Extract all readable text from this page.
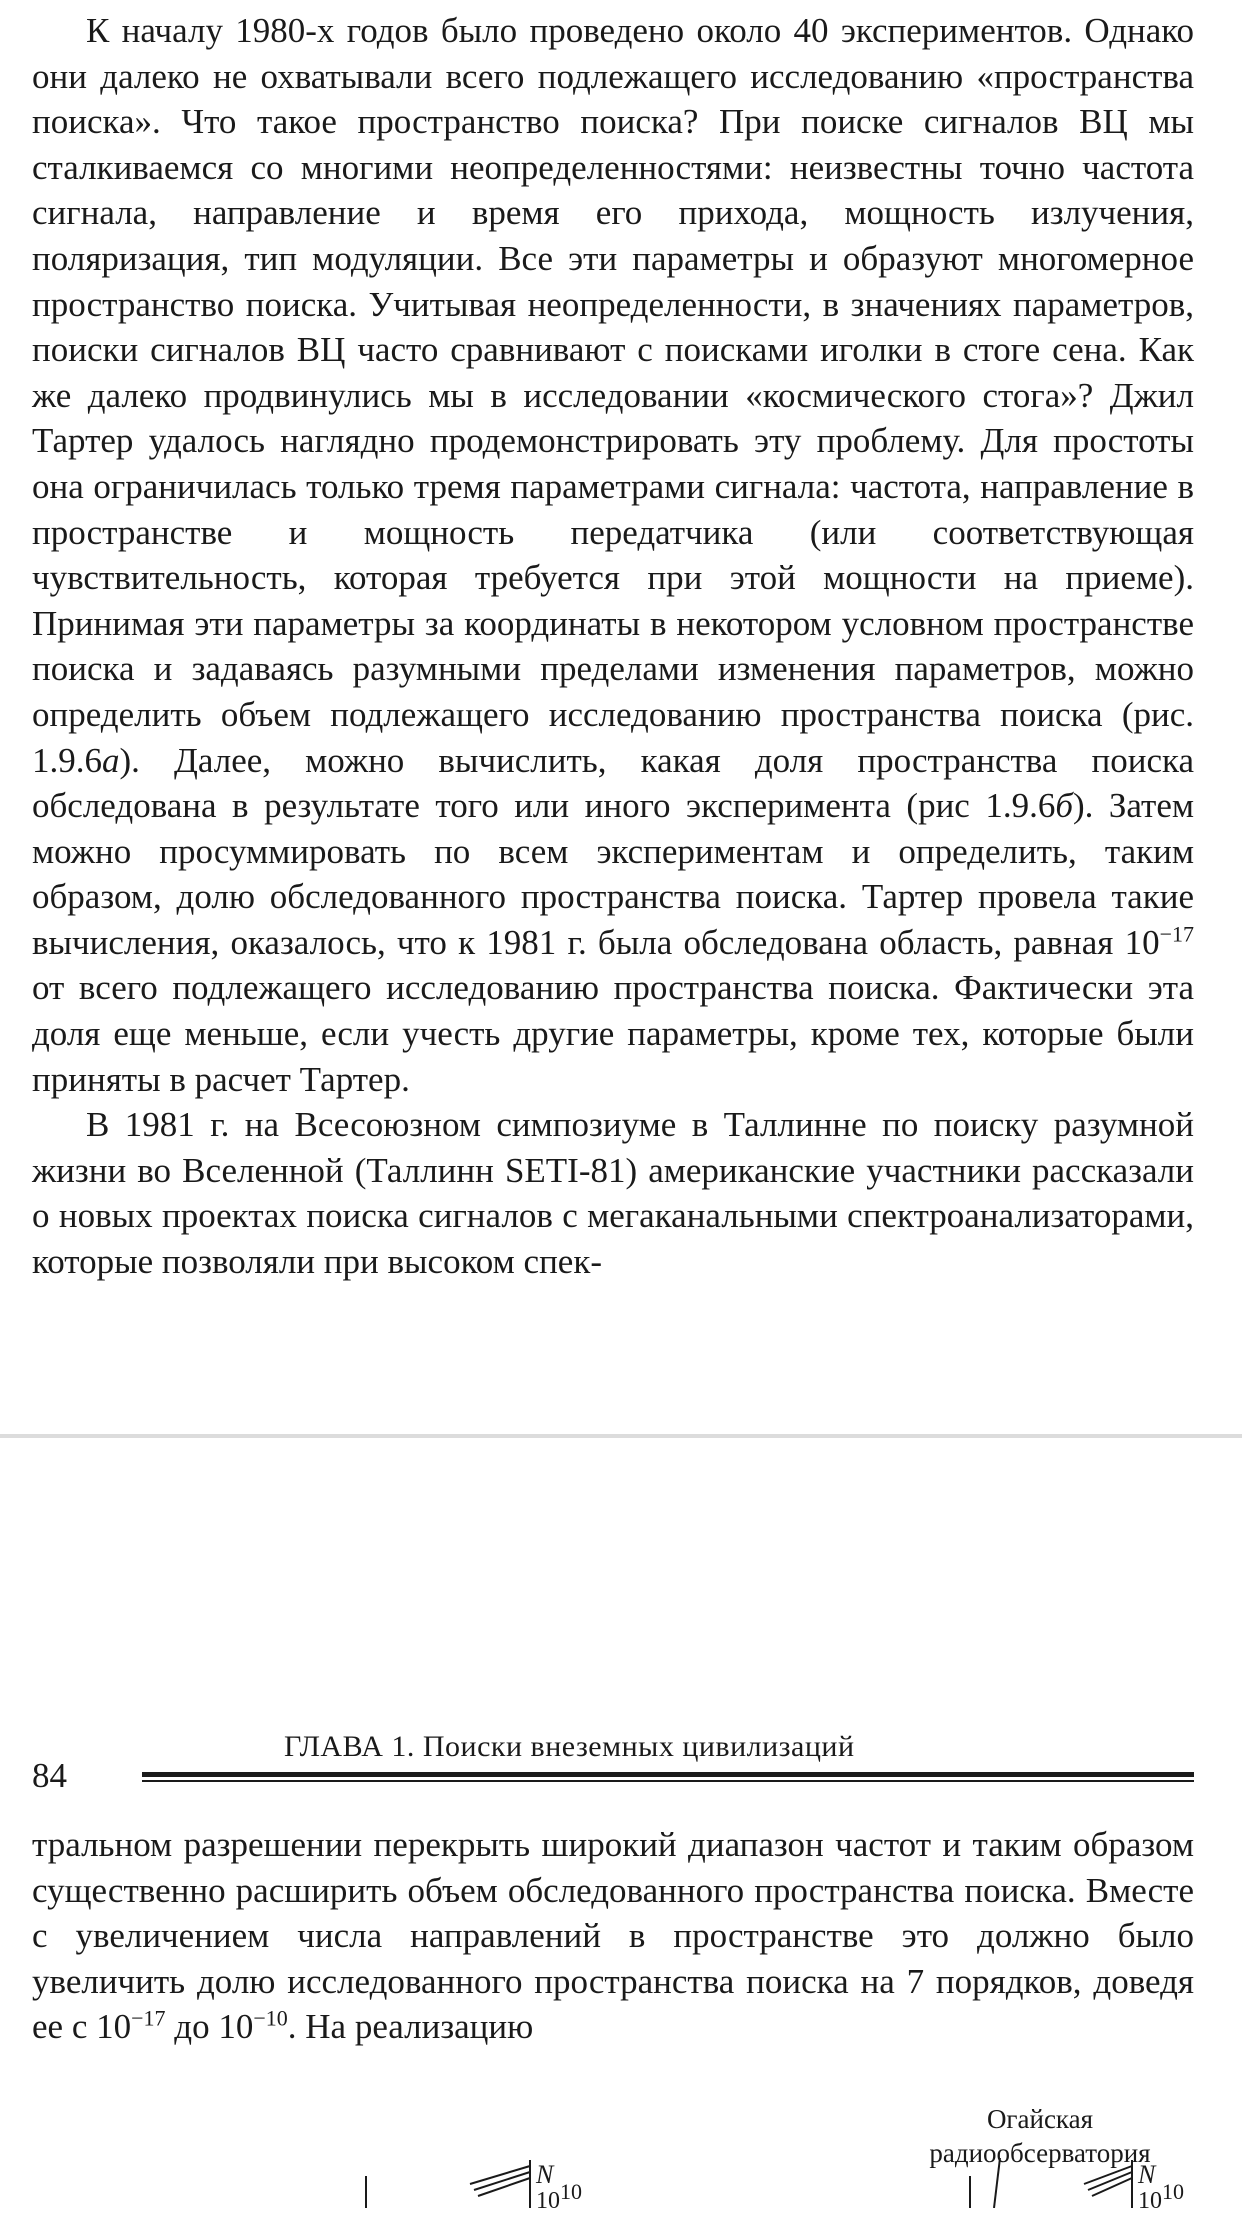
К началу 1980-х годов было проведено около 40 экспериментов. Однако они далеко не охватывали всего подлежащего исследованию «пространства поиска». Что такое пространство поиска? При поиске сигналов ВЦ мы сталкиваемся со многими неопределенностями: неизвестны точно частота сигнала, направление и время его прихода, мощность излучения, поляризация, тип модуляции. Все эти параметры и образуют многомерное пространство поиска. Учитывая неопределенности, в значениях параметров, поиски сигналов ВЦ часто сравнивают с поисками иголки в стоге сена. Как же далеко продвинулись мы в исследовании «космического стога»? Джил Тартер удалось наглядно продемонстрировать эту проблему. Для простоты она ограничилась только тремя параметрами сигнала: частота, направление в пространстве и мощность передатчика (или соответствующая чувствительность, которая требуется при этой мощности на приеме). Принимая эти параметры за координаты в некотором условном пространстве поиска и задаваясь разумными пределами изменения параметров, можно определить объем подлежащего исследованию пространства поиска (рис. 1.9.6а). Далее, можно вычислить, какая доля пространства поиска обследована в результате того или иного эксперимента (рис 1.9.6б). Затем можно просуммировать по всем экспериментам и определить, таким образом, долю обследованного пространства поиска. Тартер провела такие вычисления, оказалось, что к 1981 г. была обследована область, равная $10^{-17}$ от всего подлежащего исследованию пространства поиска. Фактически эта доля еще меньше, если учесть другие параметры, кроме тех, которые были приняты в расчет Тартер.

В 1981 г. на Всесоюзном симпозиуме в Таллинне по поиску разумной жизни во Вселенной (Таллинн SETI-81) американские участники рассказали о новых проектах поиска сигналов с мегаканальными спектроанализаторами, которые позволяли при высоком спек-

84
ГЛАВА 1. Поиски внеземных цивилизаций

тральном разрешении перекрыть широкий диапазон частот и таким образом существенно расширить объем обследованного пространства поиска. Вместе с увеличением числа направлений в пространстве это должно было увеличить долю исследованного пространства поиска на 7 порядков, доведя ее с $10^{-17}$ до $10^{-10}$. На реализацию

Огайская радиообсерватория
N
1010
N
1010
